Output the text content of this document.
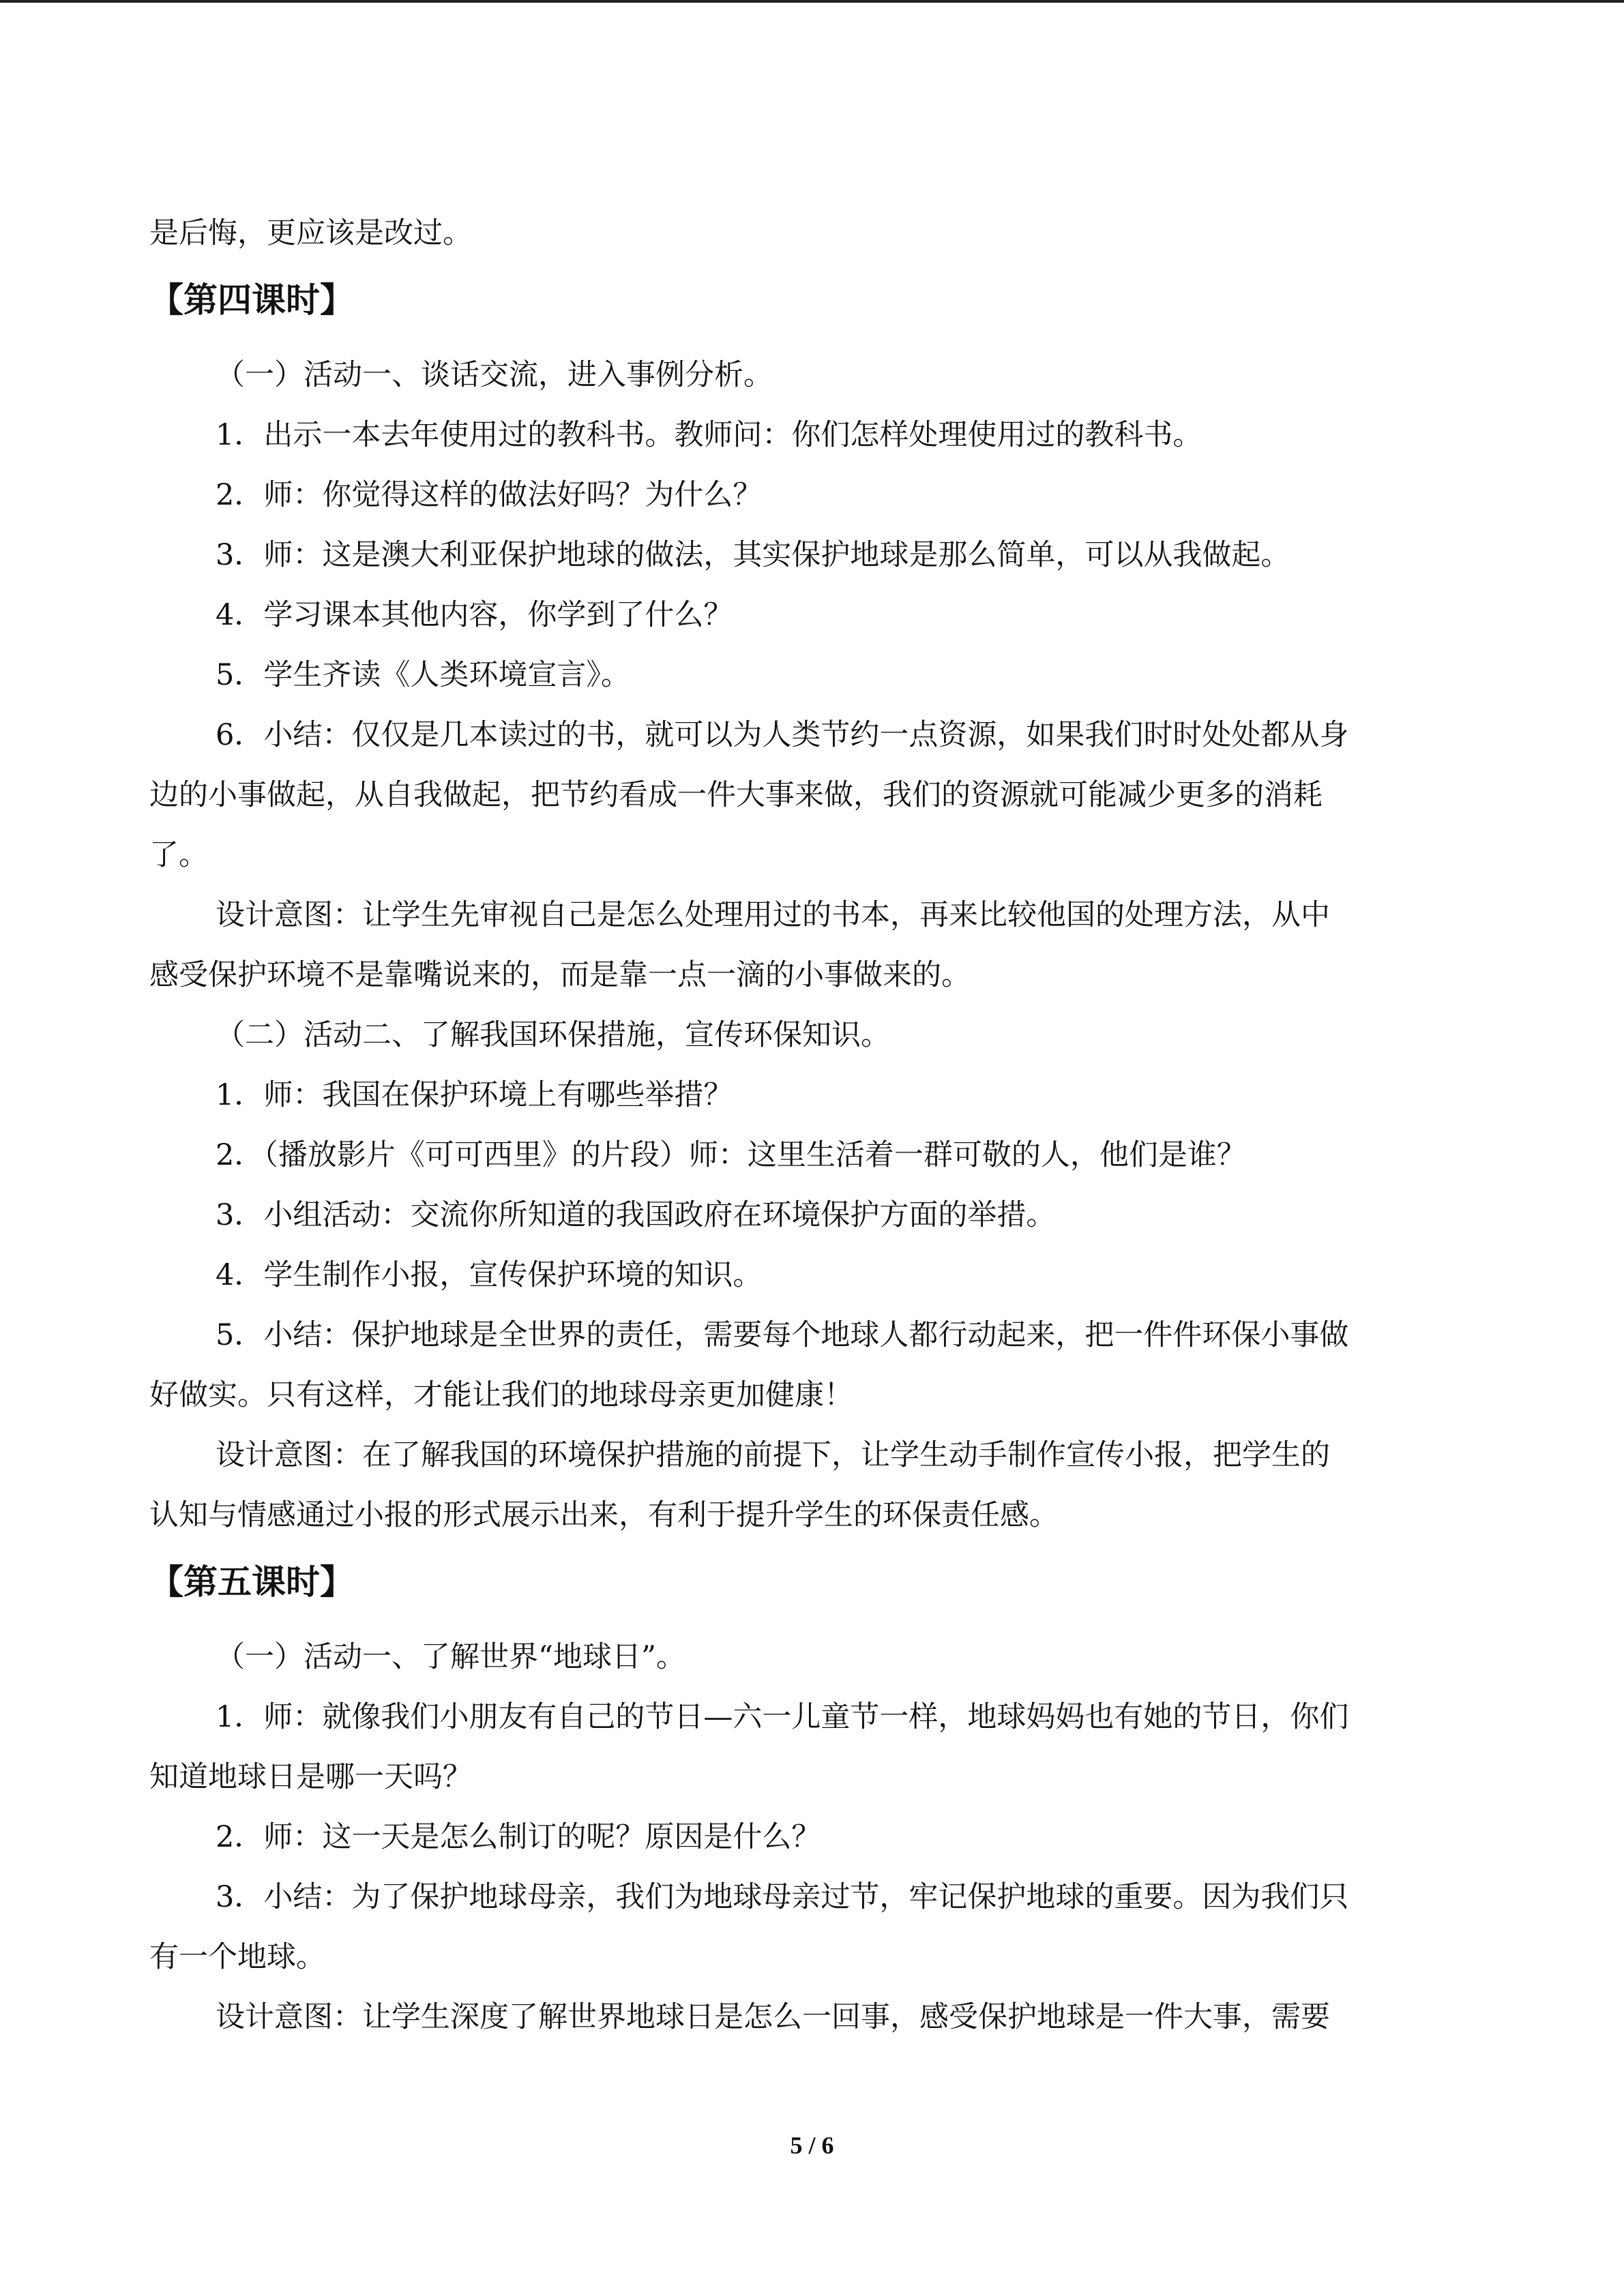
是后悔，更应该是改过。

【第四课时】

（一）活动一、谈话交流，进入事例分析。

1．出示一本去年使用过的教科书。教师问：你们怎样处理使用过的教科书。

2．师：你觉得这样的做法好吗？为什么？

3．师：这是澳大利亚保护地球的做法，其实保护地球是那么简单，可以从我做起。

4．学习课本其他内容，你学到了什么？

5．学生齐读《人类环境宣言》。

6．小结：仅仅是几本读过的书，就可以为人类节约一点资源，如果我们时时处处都从身

边的小事做起，从自我做起，把节约看成一件大事来做，我们的资源就可能减少更多的消耗

了。

设计意图：让学生先审视自己是怎么处理用过的书本，再来比较他国的处理方法，从中

感受保护环境不是靠嘴说来的，而是靠一点一滴的小事做来的。

（二）活动二、了解我国环保措施，宣传环保知识。

1．师：我国在保护环境上有哪些举措？

2．（播放影片《可可西里》的片段）师：这里生活着一群可敬的人，他们是谁？

3．小组活动：交流你所知道的我国政府在环境保护方面的举措。

4．学生制作小报，宣传保护环境的知识。

5．小结：保护地球是全世界的责任，需要每个地球人都行动起来，把一件件环保小事做

好做实。只有这样，才能让我们的地球母亲更加健康！

设计意图：在了解我国的环境保护措施的前提下，让学生动手制作宣传小报，把学生的

认知与情感通过小报的形式展示出来，有利于提升学生的环保责任感。

【第五课时】

（一）活动一、了解世界“地球日”。

1．师：就像我们小朋友有自己的节日—六一儿童节一样，地球妈妈也有她的节日，你们

知道地球日是哪一天吗？

2．师：这一天是怎么制订的呢？原因是什么？

3．小结：为了保护地球母亲，我们为地球母亲过节，牢记保护地球的重要。因为我们只

有一个地球。

设计意图：让学生深度了解世界地球日是怎么一回事，感受保护地球是一件大事，需要

5 / 6
